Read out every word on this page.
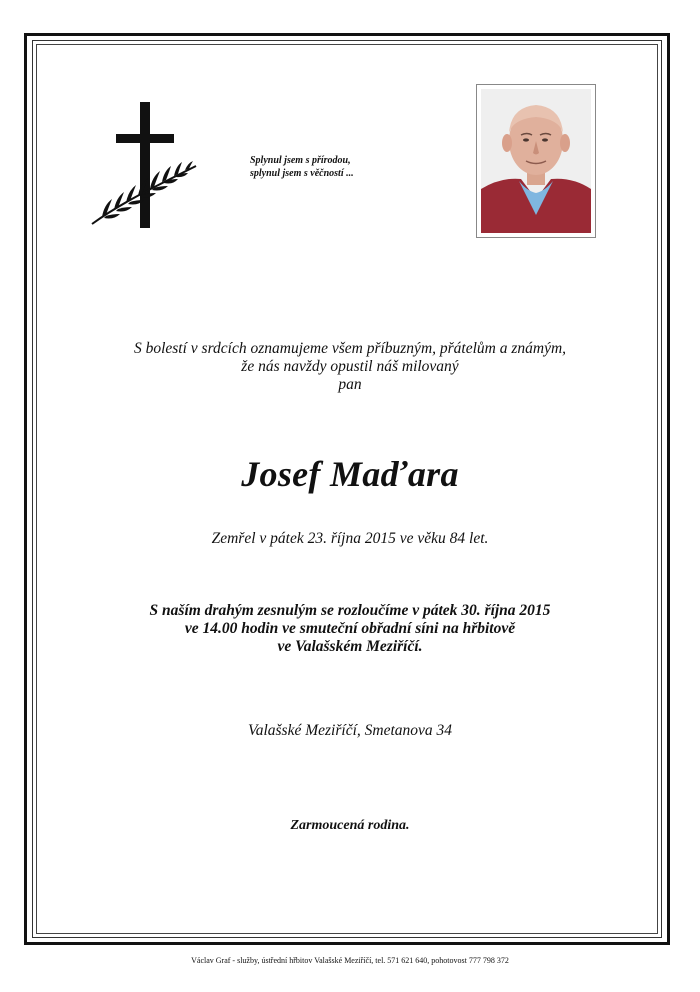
Splynul jsem s přírodou,
splynul jsem s věčností ...
S bolestí v srdcích oznamujeme všem příbuzným, přátelům a známým,
že nás navždy opustil náš milovaný
pan
Josef Maďara
Zemřel v pátek 23. října 2015 ve věku 84 let.
S naším drahým zesnulým se rozloučíme v pátek 30. října 2015
ve 14.00 hodin ve smuteční obřadní síni na hřbitově
ve Valašském Meziříčí.
Valašské Meziříčí, Smetanova 34
Zarmoucená rodina.
Václav Graf - služby, ústřední hřbitov Valašské Meziříčí, tel. 571 621 640, pohotovost 777 798 372
